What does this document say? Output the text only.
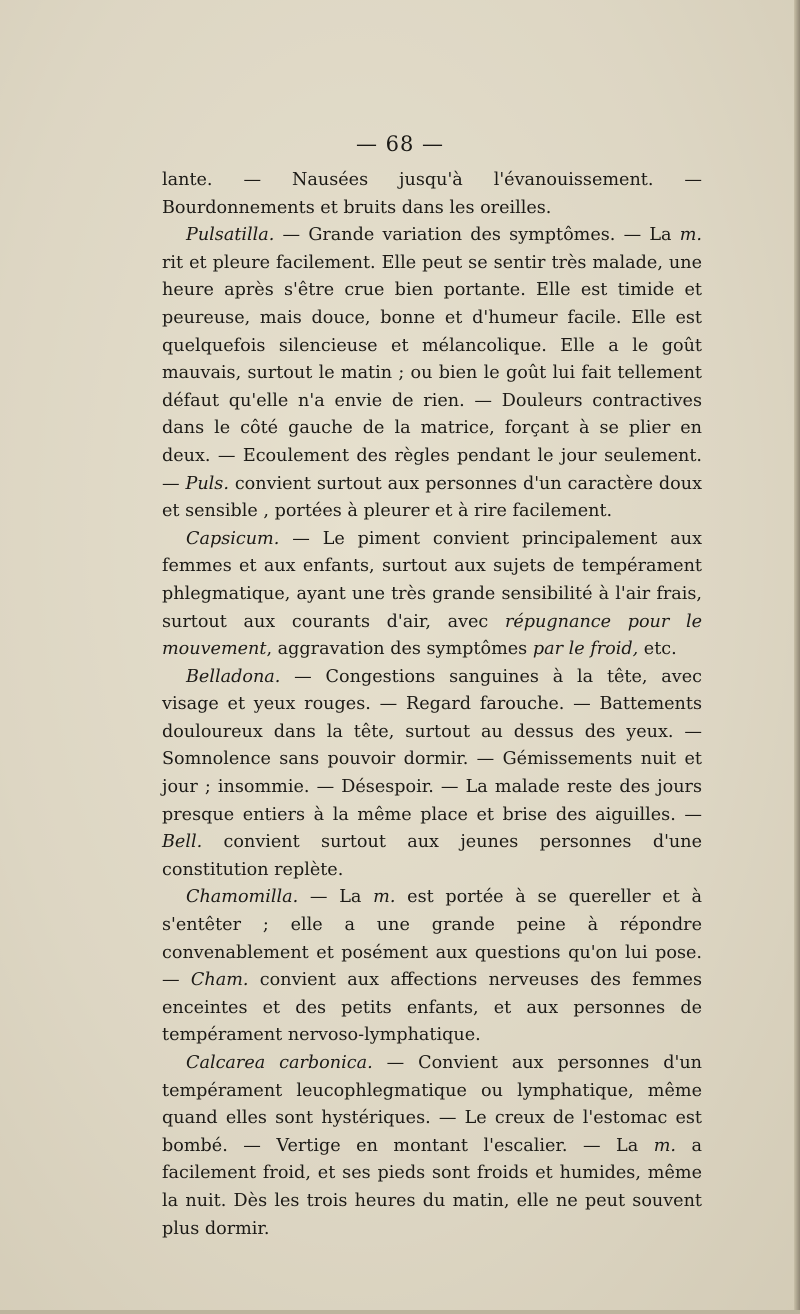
— 68 —

lante. — Nausées jusqu'à l'évanouissement. — Bourdonnements et bruits dans les oreilles.

Pulsatilla. — Grande variation des symptômes. — La m. rit et pleure facilement. Elle peut se sentir très malade, une heure après s'être crue bien portante. Elle est timide et peureuse, mais douce, bonne et d'humeur facile. Elle est quelquefois silencieuse et mélancolique. Elle a le goût mauvais, surtout le matin ; ou bien le goût lui fait tellement défaut qu'elle n'a envie de rien. — Douleurs contractives dans le côté gauche de la matrice, forçant à se plier en deux. — Ecoulement des règles pendant le jour seulement. — Puls. convient surtout aux personnes d'un caractère doux et sensible , portées à pleurer et à rire facilement.

Capsicum. — Le piment convient principalement aux femmes et aux enfants, surtout aux sujets de tempérament phlegmatique, ayant une très grande sensibilité à l'air frais, surtout aux courants d'air, avec répugnance pour le mouvement, aggravation des symptômes par le froid, etc.

Belladona. — Congestions sanguines à la tête, avec visage et yeux rouges. — Regard farouche. — Battements douloureux dans la tête, surtout au dessus des yeux. — Somnolence sans pouvoir dormir. — Gémissements nuit et jour ; insommie. — Désespoir. — La malade reste des jours presque entiers à la même place et brise des aiguilles. — Bell. convient surtout aux jeunes personnes d'une constitution replète.

Chamomilla. — La m. est portée à se quereller et à s'entêter ; elle a une grande peine à répondre convenablement et posément aux questions qu'on lui pose. — Cham. convient aux affections nerveuses des femmes enceintes et des petits enfants, et aux personnes de tempérament nervoso-lymphatique.

Calcarea carbonica. — Convient aux personnes d'un tempérament leucophlegmatique ou lymphatique, même quand elles sont hystériques. — Le creux de l'estomac est bombé. — Vertige en montant l'escalier. — La m. a facilement froid, et ses pieds sont froids et humides, même la nuit. Dès les trois heures du matin, elle ne peut souvent plus dormir.
